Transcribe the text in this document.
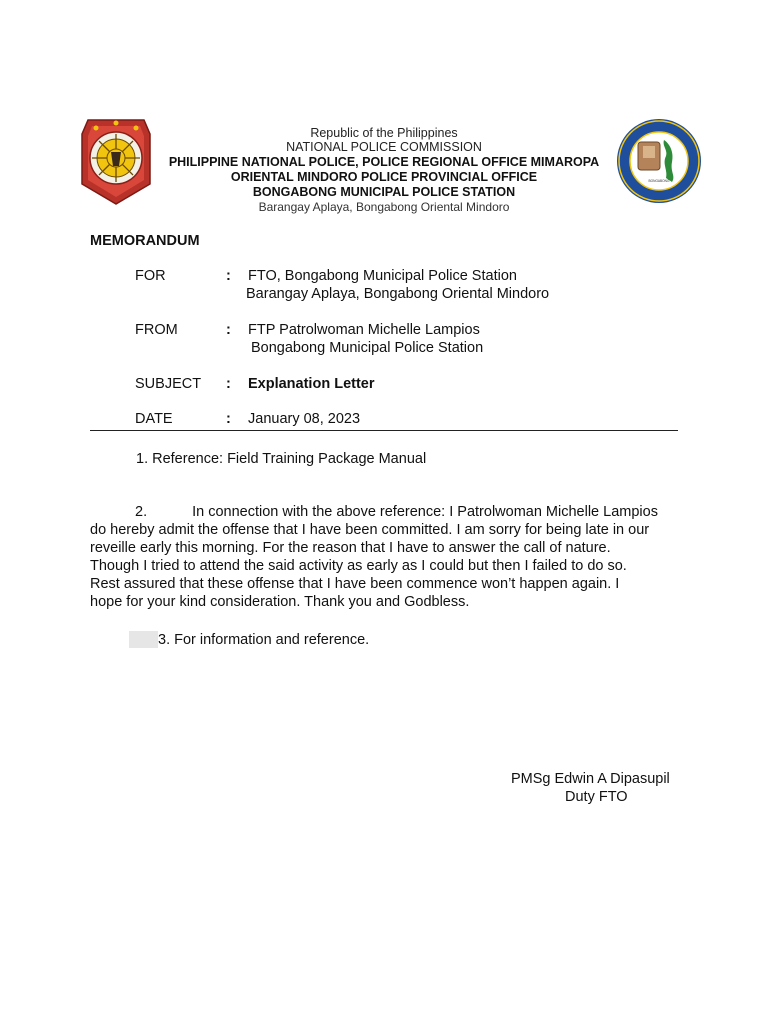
BONGABONG
Republic of the Philippines
NATIONAL POLICE COMMISSION
PHILIPPINE NATIONAL POLICE, POLICE REGIONAL OFFICE MIMAROPA
ORIENTAL MINDORO POLICE PROVINCIAL OFFICE
BONGABONG MUNICIPAL POLICE STATION
Barangay Aplaya, Bongabong Oriental Mindoro
MEMORANDUM
FOR	: FTO, Bongabong Municipal Police Station
Barangay Aplaya, Bongabong Oriental Mindoro
FROM	: FTP Patrolwoman Michelle Lampios
Bongabong Municipal Police Station
SUBJECT : Explanation Letter
DATE	: January 08, 2023
1. Reference: Field Training Package Manual
2.	In connection with the above reference: I Patrolwoman Michelle Lampios
do hereby admit the offense that I have been committed. I am sorry for being late in our
reveille early this morning. For the reason that I have to answer the call of nature.
Though I tried to attend the said activity as early as I could but then I failed to do so.
Rest assured that these offense that I have been commence won’t happen again. I
hope for your kind consideration. Thank you and Godbless.
3. For information and reference.
PMSg Edwin A Dipasupil
Duty FTO
